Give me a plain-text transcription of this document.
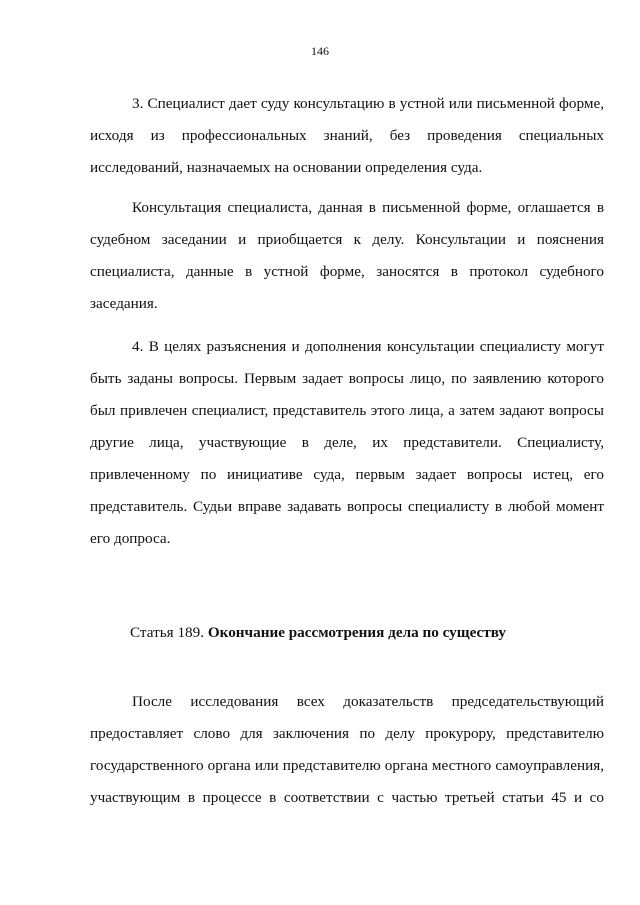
146
3. Специалист дает суду консультацию в устной или письменной форме,
исходя из профессиональных знаний, без проведения специальных
исследований, назначаемых на основании определения суда.
Консультация специалиста, данная в письменной форме, оглашается в
судебном заседании и приобщается к делу. Консультации и пояснения
специалиста, данные в устной форме, заносятся в протокол судебного
заседания.
4. В целях разъяснения и дополнения консультации специалисту могут
быть заданы вопросы. Первым задает вопросы лицо, по заявлению которого
был привлечен специалист, представитель этого лица, а затем задают вопросы
другие лица, участвующие в деле, их представители. Специалисту,
привлеченному по инициативе суда, первым задает вопросы истец, его
представитель. Судьи вправе задавать вопросы специалисту в любой момент
его допроса.
Статья 189. Окончание рассмотрения дела по существу
После исследования всех доказательств председательствующий
предоставляет слово для заключения по делу прокурору, представителю
государственного органа или представителю органа местного самоуправления,
участвующим в процессе в соответствии с частью третьей статьи 45 и со
